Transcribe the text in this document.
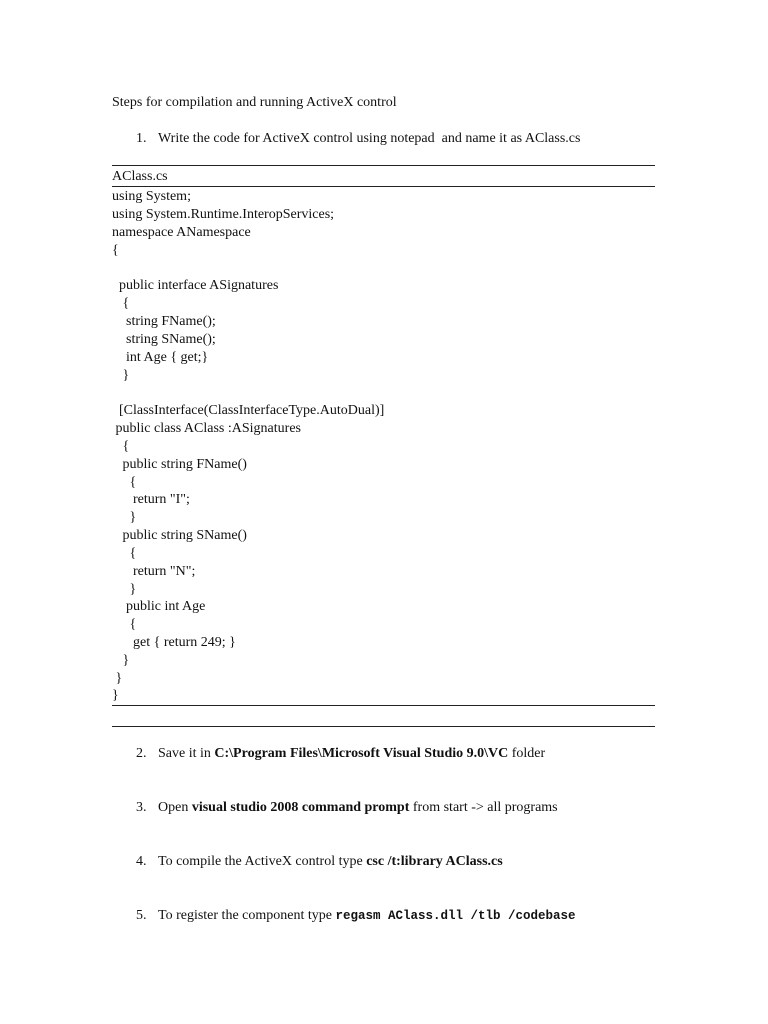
Steps for compilation and running ActiveX control
1. Write the code for ActiveX control using notepad  and name it as AClass.cs
AClass.cs
using System;
using System.Runtime.InteropServices;
namespace ANamespace
{
public interface ASignatures
{
string FName();
string SName();
int Age { get;}
}
[ClassInterface(ClassInterfaceType.AutoDual)]
public class AClass :ASignatures
{
public string FName()
{
return "I";
}
public string SName()
{
return "N";
}
public int Age
{
get { return 249; }
}
}
}
2. Save it in C:\Program Files\Microsoft Visual Studio 9.0\VC folder
3. Open visual studio 2008 command prompt from start -> all programs
4. To compile the ActiveX control type csc /t:library AClass.cs
5. To register the component type regasm AClass.dll /tlb /codebase
